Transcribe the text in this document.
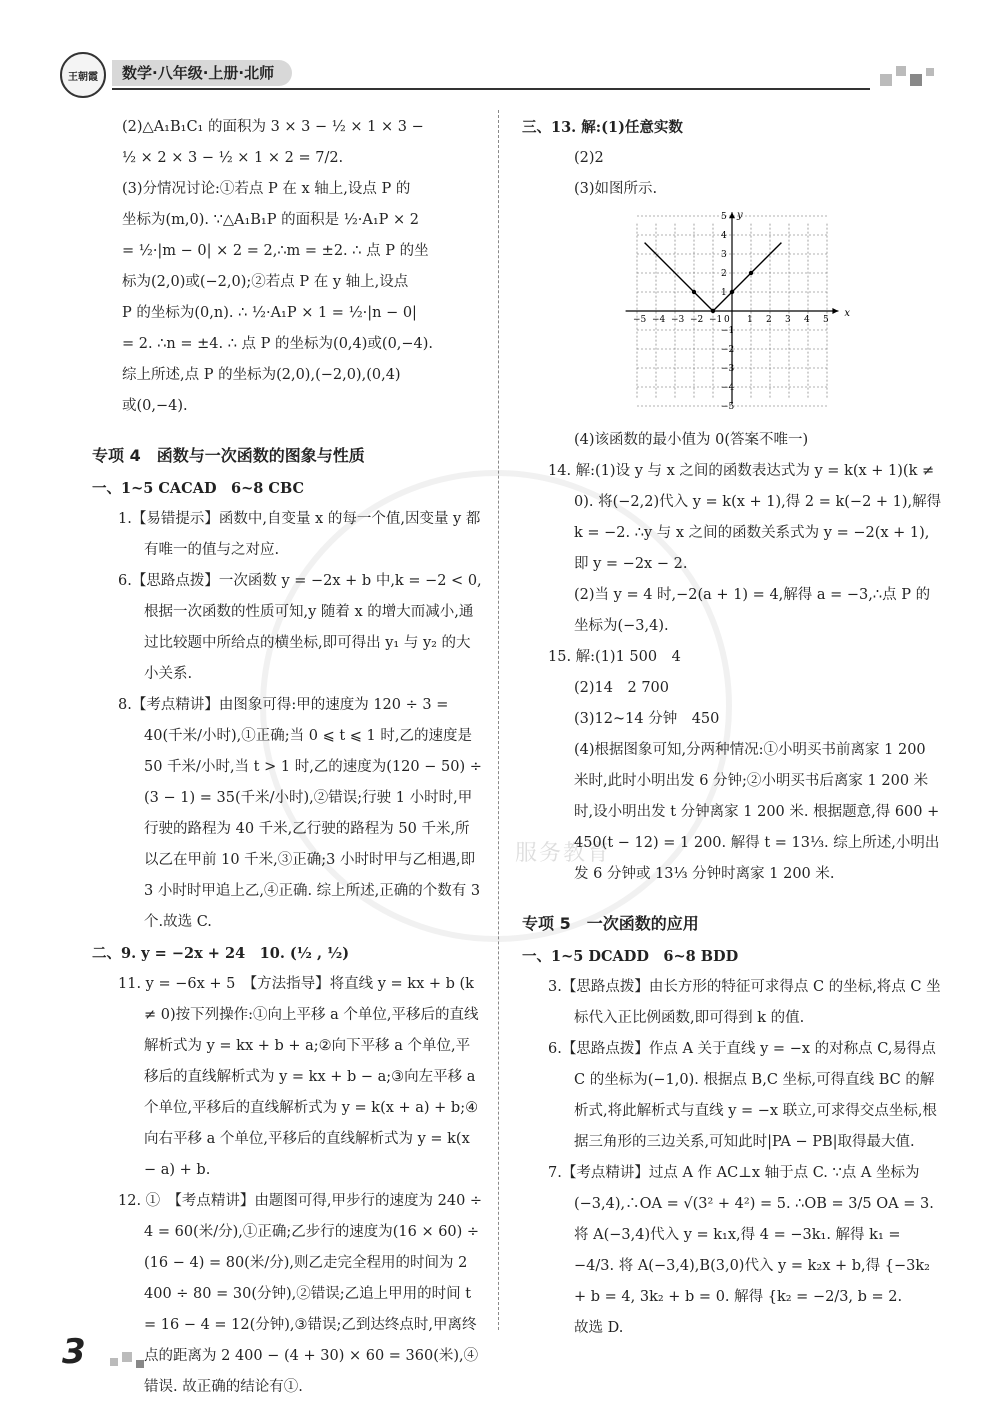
王朝霞	数学·八年级·上册·北师
服务教育

(2)△A₁B₁C₁ 的面积为 3 × 3 − ½ × 1 × 3 −

½ × 2 × 3 − ½ × 1 × 2 = 7/2.

(3)分情况讨论:①若点 P 在 x 轴上,设点 P 的

坐标为(m,0). ∵△A₁B₁P 的面积是 ½·A₁P × 2

= ½·|m − 0| × 2 = 2,∴m = ±2. ∴ 点 P 的坐

标为(2,0)或(−2,0);②若点 P 在 y 轴上,设点

P 的坐标为(0,n). ∴ ½·A₁P × 1 = ½·|n − 0|

= 2. ∴n = ±4. ∴ 点 P 的坐标为(0,4)或(0,−4).

综上所述,点 P 的坐标为(2,0),(−2,0),(0,4)

或(0,−4).

专项 4　函数与一次函数的图象与性质

一、1~5 CACAD　6~8 CBC

1.【易错提示】函数中,自变量 x 的每一个值,因变量 y 都有唯一的值与之对应.

6.【思路点拨】一次函数 y = −2x + b 中,k = −2 < 0,根据一次函数的性质可知,y 随着 x 的增大而减小,通过比较题中所给点的横坐标,即可得出 y₁ 与 y₂ 的大小关系.

8.【考点精讲】由图象可得:甲的速度为 120 ÷ 3 = 40(千米/小时),①正确;当 0 ⩽ t ⩽ 1 时,乙的速度是 50 千米/小时,当 t > 1 时,乙的速度为(120 − 50) ÷ (3 − 1) = 35(千米/小时),②错误;行驶 1 小时时,甲行驶的路程为 40 千米,乙行驶的路程为 50 千米,所以乙在甲前 10 千米,③正确;3 小时时甲与乙相遇,即 3 小时时甲追上乙,④正确. 综上所述,正确的个数有 3 个.故选 C.

二、9. y = −2x + 24　10. (½ , ½)

11. y = −6x + 5　【方法指导】将直线 y = kx + b (k ≠ 0)按下列操作:①向上平移 a 个单位,平移后的直线解析式为 y = kx + b + a;②向下平移 a 个单位,平移后的直线解析式为 y = kx + b − a;③向左平移 a 个单位,平移后的直线解析式为 y = k(x + a) + b;④向右平移 a 个单位,平移后的直线解析式为 y = k(x − a) + b.

12. ①　【考点精讲】由题图可得,甲步行的速度为 240 ÷ 4 = 60(米/分),①正确;乙步行的速度为(16 × 60) ÷ (16 − 4) = 80(米/分),则乙走完全程用的时间为 2 400 ÷ 80 = 30(分钟),②错误;乙追上甲用的时间 t = 16 − 4 = 12(分钟),③错误;乙到达终点时,甲离终点的距离为 2 400 − (4 + 30) × 60 = 360(米),④错误. 故正确的结论有①.

三、13. 解:(1)任意实数

(2)2

(3)如图所示.

x
y
−5 −4 −3 −2 −1 0 1 2 3 4 5
5
4
3
2
1
−1
−2
−3
−4
−5

(4)该函数的最小值为 0(答案不唯一)

14. 解:(1)设 y 与 x 之间的函数表达式为 y = k(x + 1)(k ≠ 0). 将(−2,2)代入 y = k(x + 1),得 2 = k(−2 + 1),解得 k = −2. ∴y 与 x 之间的函数关系式为 y = −2(x + 1),即 y = −2x − 2.

(2)当 y = 4 时,−2(a + 1) = 4,解得 a = −3,∴点 P 的坐标为(−3,4).

15. 解:(1)1 500　4

(2)14　2 700

(3)12~14 分钟　450

(4)根据图象可知,分两种情况:①小明买书前离家 1 200 米时,此时小明出发 6 分钟;②小明买书后离家 1 200 米时,设小明出发 t 分钟离家 1 200 米. 根据题意,得 600 + 450(t − 12) = 1 200. 解得 t = 13⅓. 综上所述,小明出发 6 分钟或 13⅓ 分钟时离家 1 200 米.

专项 5　一次函数的应用

一、1~5 DCADD　6~8 BDD

3.【思路点拨】由长方形的特征可求得点 C 的坐标,将点 C 坐标代入正比例函数,即可得到 k 的值.

6.【思路点拨】作点 A 关于直线 y = −x 的对称点 C,易得点 C 的坐标为(−1,0). 根据点 B,C 坐标,可得直线 BC 的解析式,将此解析式与直线 y = −x 联立,可求得交点坐标,根据三角形的三边关系,可知此时|PA − PB|取得最大值.

7.【考点精讲】过点 A 作 AC⊥x 轴于点 C. ∵点 A 坐标为(−3,4),∴OA = √(3² + 4²) = 5. ∴OB = 3/5 OA = 3. 将 A(−3,4)代入 y = k₁x,得 4 = −3k₁. 解得 k₁ = −4/3. 将 A(−3,4),B(3,0)代入 y = k₂x + b,得 {−3k₂ + b = 4, 3k₂ + b = 0. 解得 {k₂ = −2/3, b = 2.

故选 D.

3
